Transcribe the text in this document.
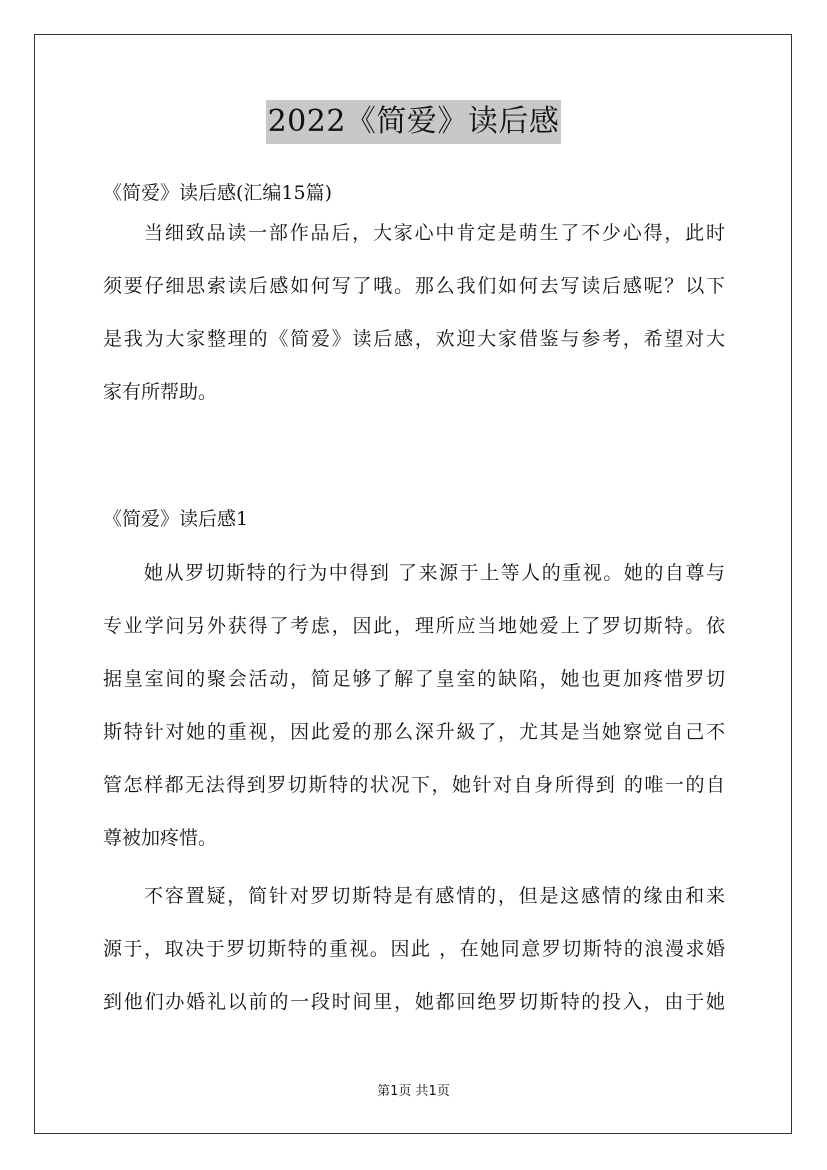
2022《简爱》读后感
《简爱》读后感(汇编15篇)
当细致品读一部作品后，大家心中肯定是萌生了不少心得，此时
须要仔细思索读后感如何写了哦。那么我们如何去写读后感呢？以下
是我为大家整理的《简爱》读后感，欢迎大家借鉴与参考，希望对大
家有所帮助。
《简爱》读后感1
她从罗切斯特的行为中得到 了来源于上等人的重视。她的自尊与
专业学问另外获得了考虑，因此，理所应当地她爱上了罗切斯特。依
据皇室间的聚会活动，简足够了解了皇室的缺陷，她也更加疼惜罗切
斯特针对她的重视，因此爱的那么深升級了，尤其是当她察觉自己不
管怎样都无法得到罗切斯特的状况下，她针对自身所得到 的唯一的自
尊被加疼惜。
不容置疑，简针对罗切斯特是有感情的，但是这感情的缘由和来
源于，取决于罗切斯特的重视。因此 ，在她同意罗切斯特的浪漫求婚
到他们办婚礼以前的一段时间里，她都回绝罗切斯特的投入，由于她
第1页 共1页
